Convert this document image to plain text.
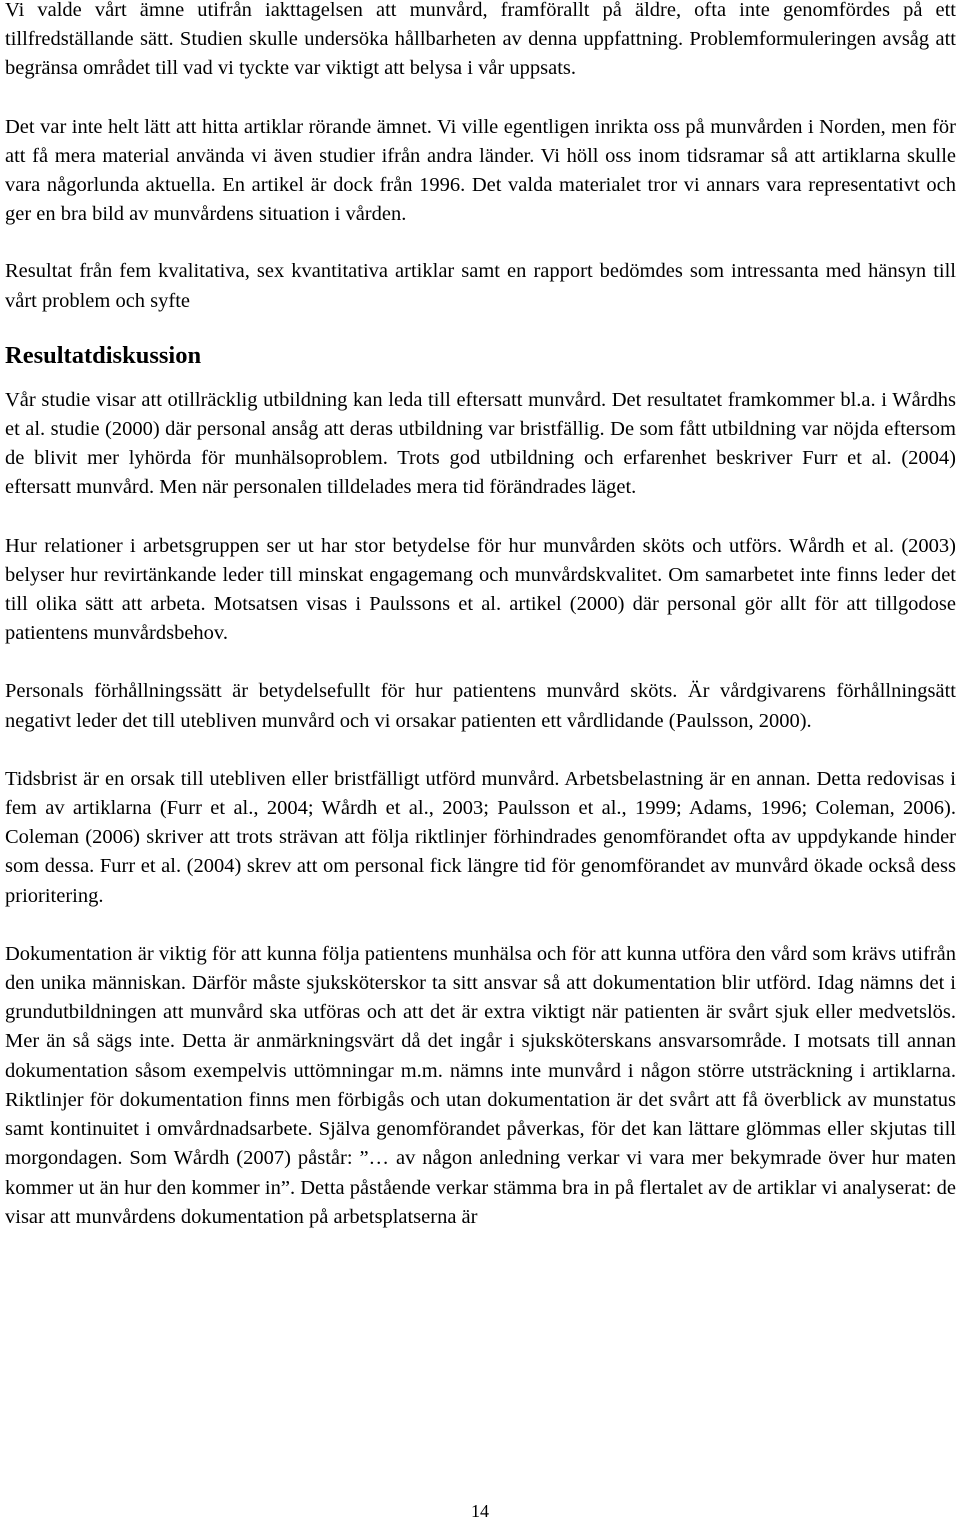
Vi valde vårt ämne utifrån iakttagelsen att munvård, framförallt på äldre, ofta inte genomfördes på ett tillfredställande sätt. Studien skulle undersöka hållbarheten av denna uppfattning. Problemformuleringen avsåg att begränsa området till vad vi tyckte var viktigt att belysa i vår uppsats.

Det var inte helt lätt att hitta artiklar rörande ämnet. Vi ville egentligen inrikta oss på munvården i Norden, men för att få mera material använda vi även studier ifrån andra länder. Vi höll oss inom tidsramar så att artiklarna skulle vara någorlunda aktuella. En artikel är dock från 1996. Det valda materialet tror vi annars vara representativt och ger en bra bild av munvårdens situation i vården.

Resultat från fem kvalitativa, sex kvantitativa artiklar samt en rapport bedömdes som intressanta med hänsyn till vårt problem och syfte

Resultatdiskussion

Vår studie visar att otillräcklig utbildning kan leda till eftersatt munvård. Det resultatet framkommer bl.a. i Wårdhs et al. studie (2000) där personal ansåg att deras utbildning var bristfällig. De som fått utbildning var nöjda eftersom de blivit mer lyhörda för munhälsoproblem. Trots god utbildning och erfarenhet beskriver Furr et al. (2004) eftersatt munvård. Men när personalen tilldelades mera tid förändrades läget.

Hur relationer i arbetsgruppen ser ut har stor betydelse för hur munvården sköts och utförs. Wårdh et al. (2003) belyser hur revirtänkande leder till minskat engagemang och munvårdskvalitet. Om samarbetet inte finns leder det till olika sätt att arbeta. Motsatsen visas i Paulssons et al. artikel (2000) där personal gör allt för att tillgodose patientens munvårdsbehov.

Personals förhållningssätt är betydelsefullt för hur patientens munvård sköts. Är vårdgivarens förhållningsätt negativt leder det till utebliven munvård och vi orsakar patienten ett vårdlidande (Paulsson, 2000).

Tidsbrist är en orsak till utebliven eller bristfälligt utförd munvård. Arbetsbelastning är en annan. Detta redovisas i fem av artiklarna (Furr et al., 2004; Wårdh et al., 2003; Paulsson et al., 1999; Adams, 1996; Coleman, 2006). Coleman (2006) skriver att trots strävan att följa riktlinjer förhindrades genomförandet ofta av uppdykande hinder som dessa. Furr et al. (2004) skrev att om personal fick längre tid för genomförandet av munvård ökade också dess prioritering.

Dokumentation är viktig för att kunna följa patientens munhälsa och för att kunna utföra den vård som krävs utifrån den unika människan. Därför måste sjuksköterskor ta sitt ansvar så att dokumentation blir utförd. Idag nämns det i grundutbildningen att munvård ska utföras och att det är extra viktigt när patienten är svårt sjuk eller medvetslös. Mer än så sägs inte. Detta är anmärkningsvärt då det ingår i sjuksköterskans ansvarsområde. I motsats till annan dokumentation såsom exempelvis uttömningar m.m. nämns inte munvård i någon större utsträckning i artiklarna. Riktlinjer för dokumentation finns men förbigås och utan dokumentation är det svårt att få överblick av munstatus samt kontinuitet i omvårdnadsarbete. Själva genomförandet påverkas, för det kan lättare glömmas eller skjutas till morgondagen. Som Wårdh (2007) påstår: ”… av någon anledning verkar vi vara mer bekymrade över hur maten kommer ut än hur den kommer in”. Detta påstående verkar stämma bra in på flertalet av de artiklar vi analyserat: de visar att munvårdens dokumentation på arbetsplatserna är

14
